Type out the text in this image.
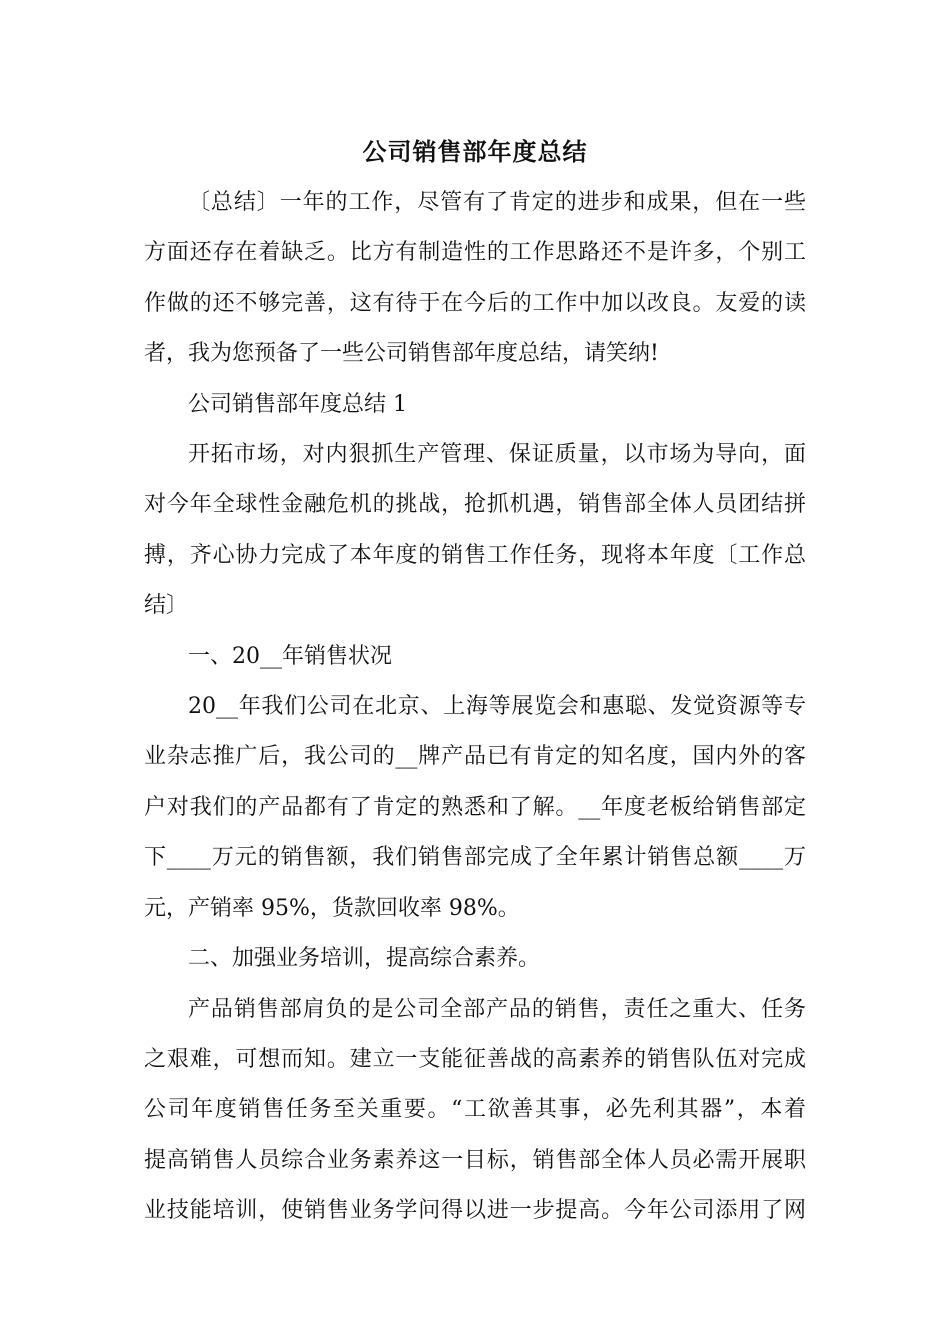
公司销售部年度总结
〔总结〕一年的工作，尽管有了肯定的进步和成果，但在一些
方面还存在着缺乏。比方有制造性的工作思路还不是许多，个别工
作做的还不够完善，这有待于在今后的工作中加以改良。友爱的读
者，我为您预备了一些公司销售部年度总结，请笑纳!
公司销售部年度总结 1
开拓市场，对内狠抓生产管理、保证质量，以市场为导向，面
对今年全球性金融危机的挑战，抢抓机遇，销售部全体人员团结拼
搏，齐心协力完成了本年度的销售工作任务，现将本年度〔工作总
结〕
一、20__年销售状况
20__年我们公司在北京、上海等展览会和惠聪、发觉资源等专
业杂志推广后，我公司的__牌产品已有肯定的知名度，国内外的客
户对我们的产品都有了肯定的熟悉和了解。__年度老板给销售部定
下____万元的销售额，我们销售部完成了全年累计销售总额____万
元，产销率 95%，货款回收率 98%。
二、加强业务培训，提高综合素养。
产品销售部肩负的是公司全部产品的销售，责任之重大、任务
之艰难，可想而知。建立一支能征善战的高素养的销售队伍对完成
公司年度销售任务至关重要。“工欲善其事，必先利其器”，本着
提高销售人员综合业务素养这一目标，销售部全体人员必需开展职
业技能培训，使销售业务学问得以进一步提高。今年公司添用了网
